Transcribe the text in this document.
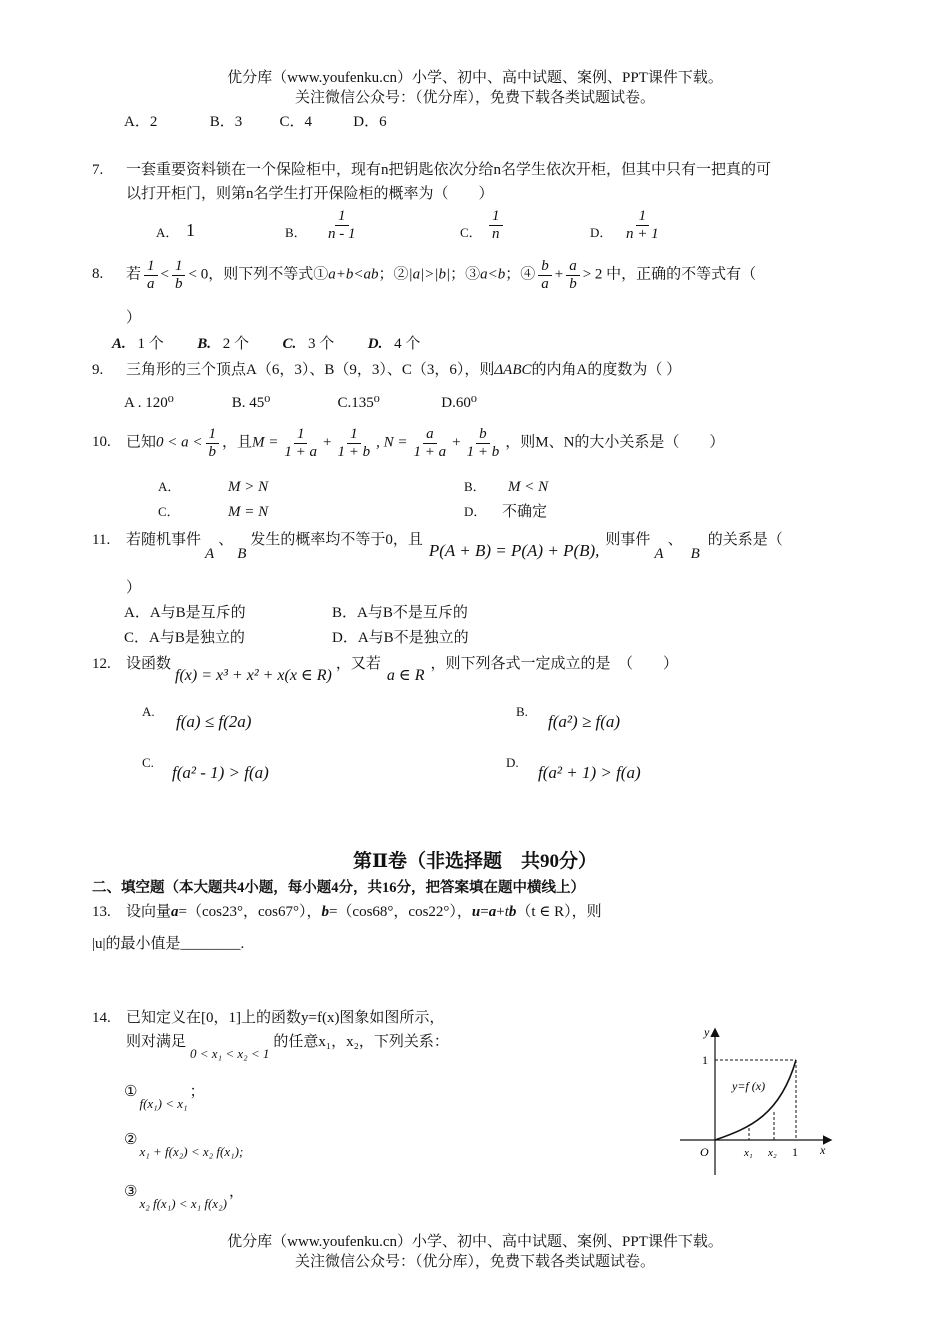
优分库（www.youfenku.cn）小学、初中、高中试题、案例、PPT课件下载。
关注微信公众号：（优分库），免费下载各类试题试卷。
A．2	B．3 C．4	D．6
7. 一套重要资料锁在一个保险柜中，现有n把钥匙依次分给n名学生依次开柜，但其中只有一把真的可
以打开柜门，则第n名学生打开保险柜的概率为（　　）
A． 1	B． $\frac{1}{n - 1}$	C． $\frac{1}{n}$	D． $\frac{1}{n + 1}$
8. 若 $\frac{1}{a} < \frac{1}{b} < 0$，则下列不等式①a+b<ab；②|a|>|b|；③a<b；④ $\frac{b}{a} + \frac{a}{b} > 2$ 中，正确的不等式有（
）
A. 1 个 B. 2 个 C. 3 个 D. 4 个
9. 三角形的三个顶点A（6，3）、B（9，3）、C（3，6），则ΔABC的内角A的度数为（ ）
A . 120⁰	B. 45⁰	C.135⁰	D.60⁰
10. 已知$0 < a < \frac{1}{b}$ ，且$M = \frac{1}{1 + a} + \frac{1}{1 + b}$ , $N = \frac{a}{1 + a} + \frac{b}{1 + b}$ ，则M、N的大小关系是（　　）
A．	M > N	B． M < N
C．	M = N	D． 不确定
11. 若随机事件A、B发生的概率均不等于0，且P(A + B) = P(A) + P(B),则事件A、B的关系是（
）
A．A与B是互斥的	B．A与B不是互斥的
C．A与B是独立的	D．A与B不是独立的
12. 设函数f(x) = x³ + x² + x(x ∈ R)，又若a ∈ R，则下列各式一定成立的是　（　　）
A.
f(a) ≤ f(2a)
B.
f(a²) ≥ f(a)
C.
f(a² - 1) > f(a)
D.
f(a² + 1) > f(a)
第Ⅱ卷（非选择题　共90分）
二、填空题（本大题共4小题，每小题4分，共16分，把答案填在题中横线上）
13. 设向量a=（cos23°，cos67°），b=（cos68°，cos22°），u=a+tb（t ∈ R），则
|u|的最小值是________.
14. 已知定义在[0，1]上的函数y=f(x)图象如图所示，
则对满足0 < x₁ < x₂ < 1的任意x₁，x₂，下列关系：
①f(x₁) < x₁；
②x₁ + f(x₂) < x₂ f(x₁);
③x₂ f(x₁) < x₁ f(x₂)，
y
x
O
1
x₁ x₂ 1
y=f (x)
优分库（www.youfenku.cn）小学、初中、高中试题、案例、PPT课件下载。
关注微信公众号：（优分库），免费下载各类试题试卷。
